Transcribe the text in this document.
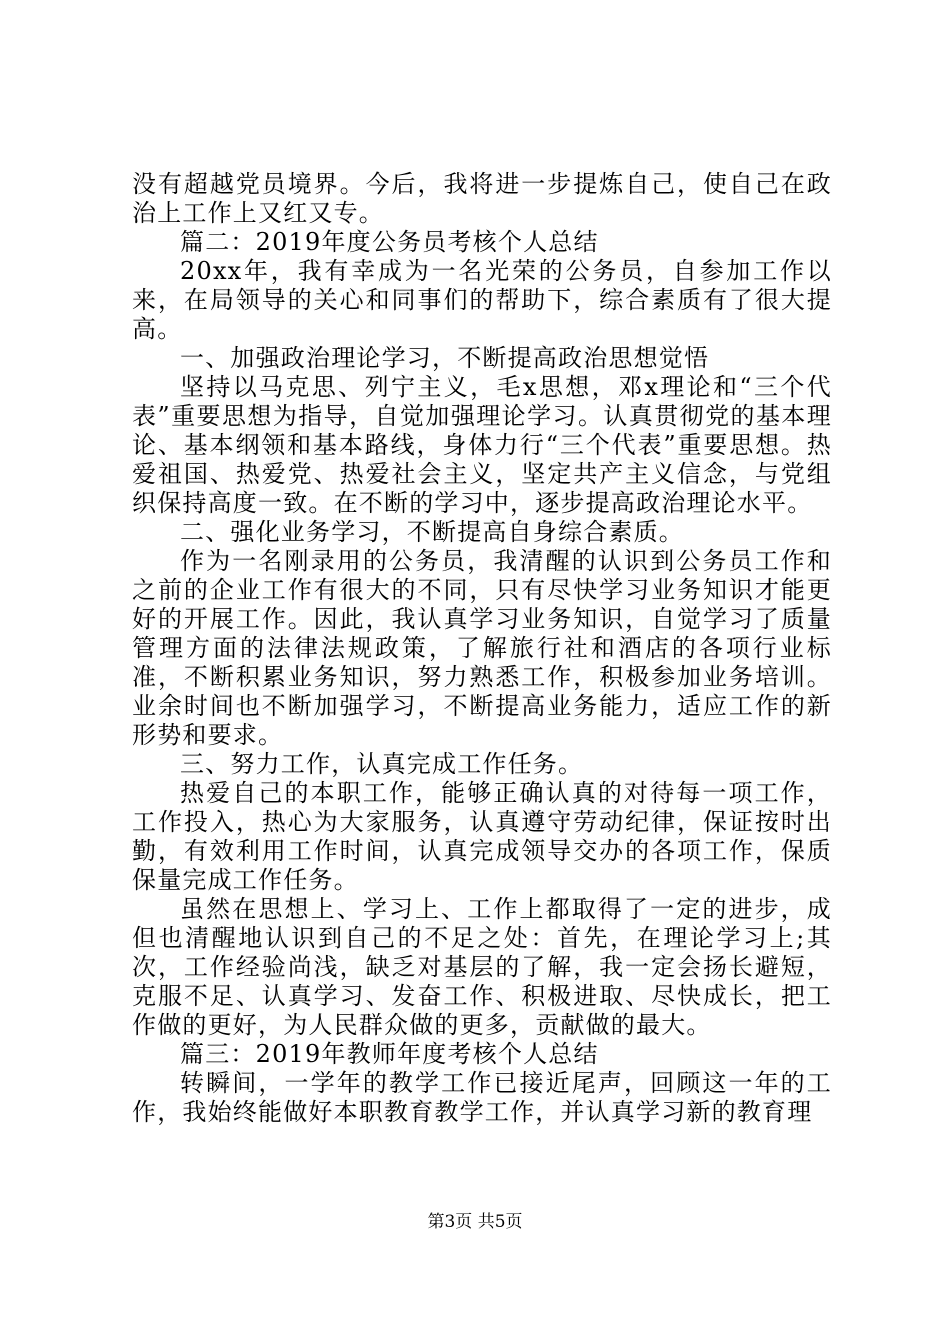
没有超越党员境界。今后，我将进一步提炼自己，使自己在政治上工作上又红又专。

篇二：2019年度公务员考核个人总结

20xx年，我有幸成为一名光荣的公务员，自参加工作以来，在局领导的关心和同事们的帮助下，综合素质有了很大提高。

一、加强政治理论学习，不断提高政治思想觉悟

坚持以马克思、列宁主义，毛x思想，邓x理论和“三个代表”重要思想为指导，自觉加强理论学习。认真贯彻党的基本理论、基本纲领和基本路线，身体力行“三个代表”重要思想。热爱祖国、热爱党、热爱社会主义，坚定共产主义信念，与党组织保持高度一致。在不断的学习中，逐步提高政治理论水平。

二、强化业务学习，不断提高自身综合素质。

作为一名刚录用的公务员，我清醒的认识到公务员工作和之前的企业工作有很大的不同，只有尽快学习业务知识才能更好的开展工作。因此，我认真学习业务知识，自觉学习了质量管理方面的法律法规政策，了解旅行社和酒店的各项行业标准，不断积累业务知识，努力熟悉工作，积极参加业务培训。业余时间也不断加强学习，不断提高业务能力，适应工作的新形势和要求。

三、努力工作，认真完成工作任务。

热爱自己的本职工作，能够正确认真的对待每一项工作，工作投入，热心为大家服务，认真遵守劳动纪律，保证按时出勤，有效利用工作时间，认真完成领导交办的各项工作，保质保量完成工作任务。

虽然在思想上、学习上、工作上都取得了一定的进步，成但也清醒地认识到自己的不足之处：首先，在理论学习上;其次，工作经验尚浅，缺乏对基层的了解，我一定会扬长避短，克服不足、认真学习、发奋工作、积极进取、尽快成长，把工作做的更好，为人民群众做的更多，贡献做的最大。

篇三：2019年教师年度考核个人总结

转瞬间，一学年的教学工作已接近尾声，回顾这一年的工作，我始终能做好本职教育教学工作，并认真学习新的教育理

第3页 共5页
